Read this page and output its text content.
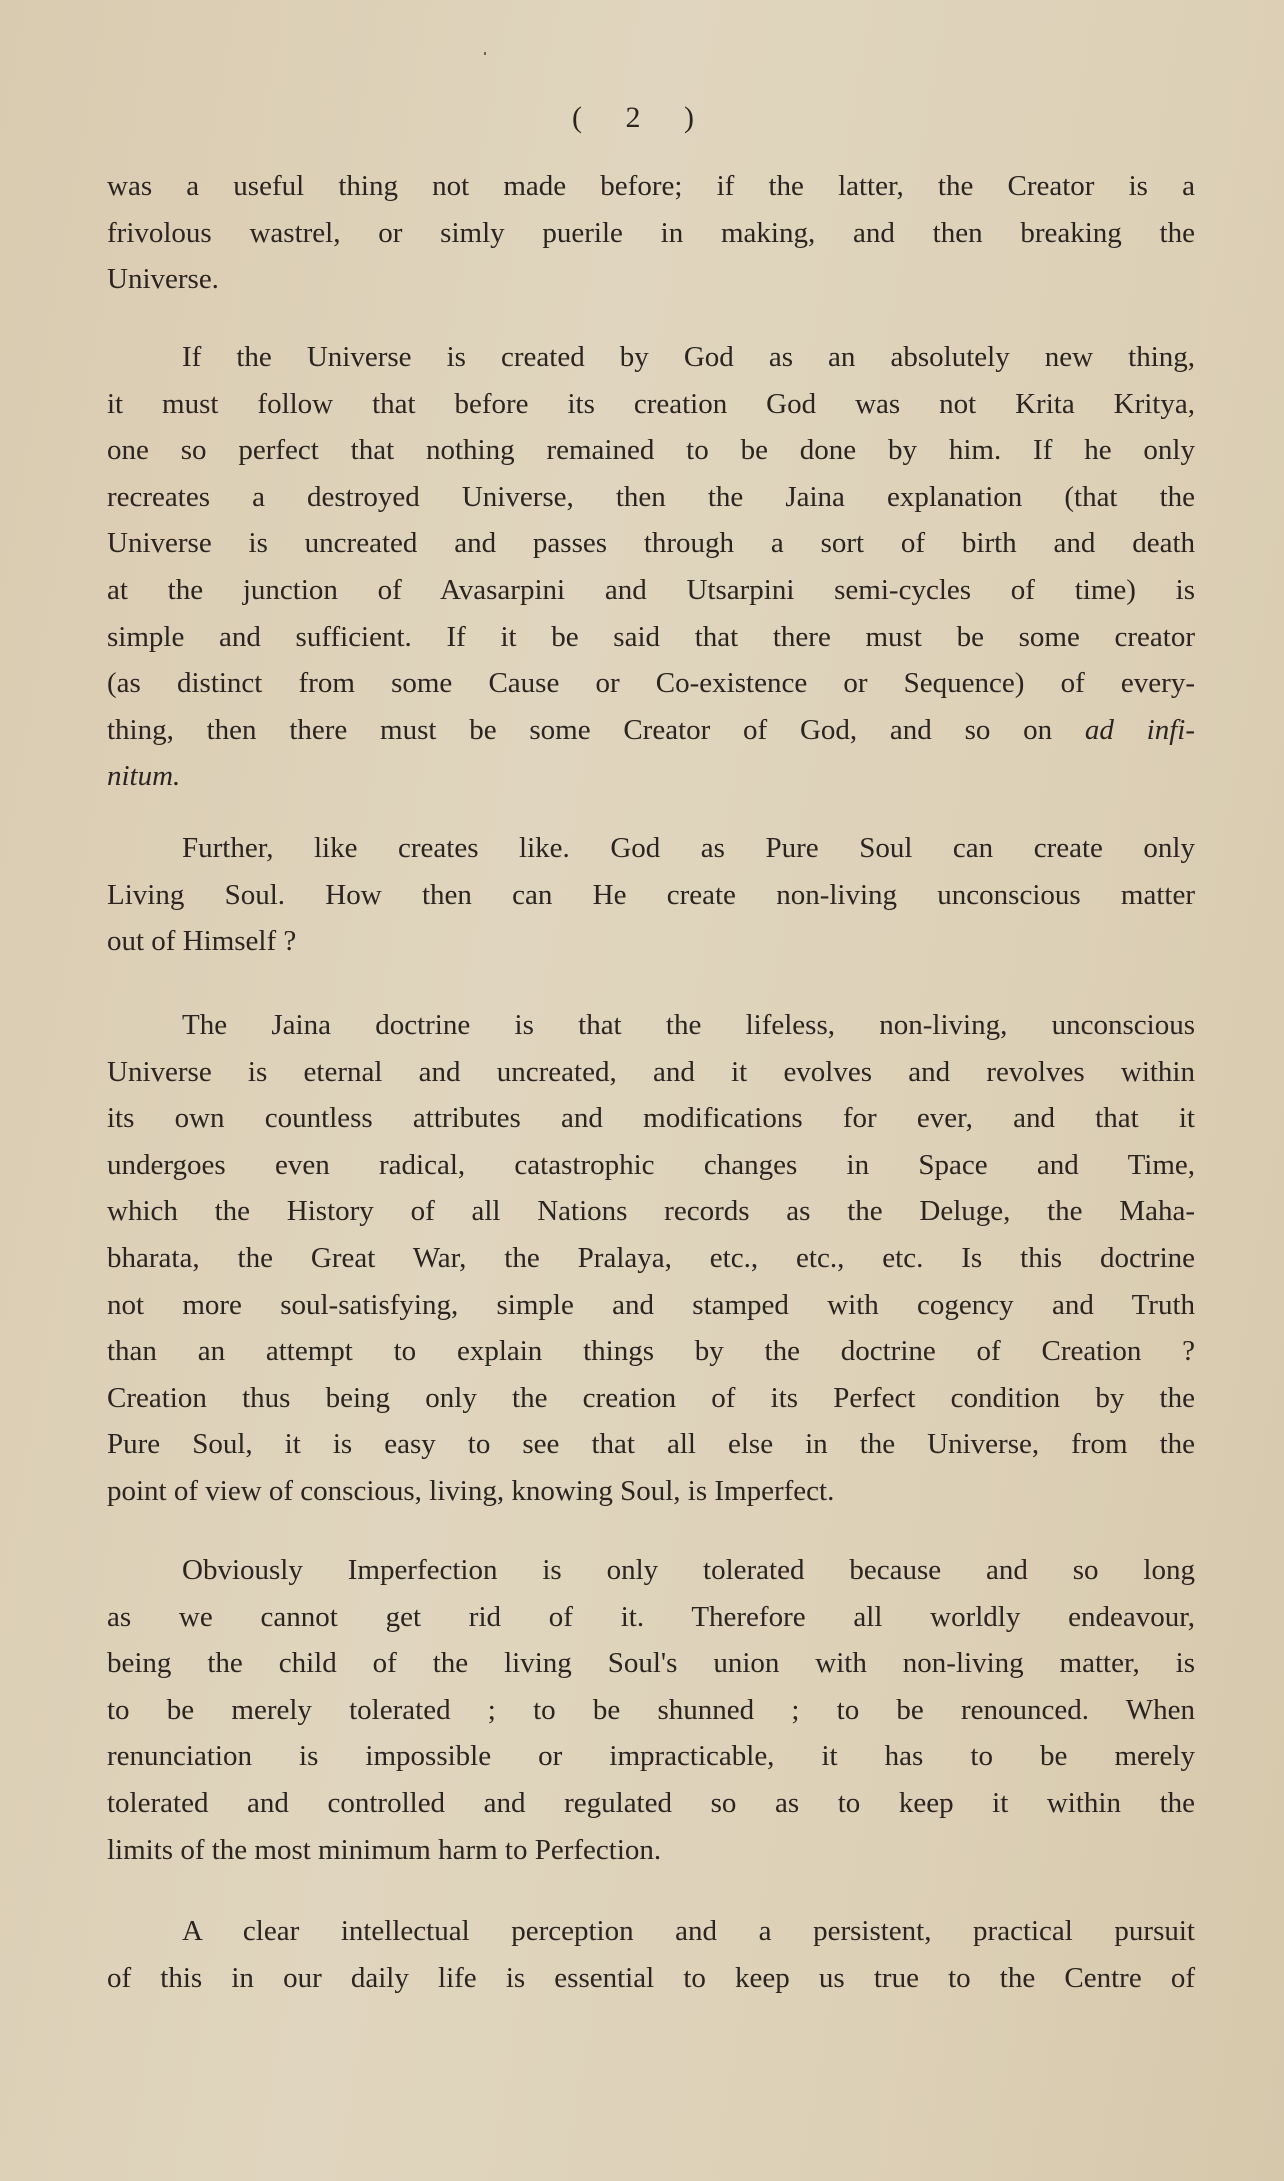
( 2 )
was a useful thing not made before; if the latter, the Creator is a
frivolous wastrel, or simly puerile in making, and then breaking the
Universe.
If the Universe is created by God as an absolutely new thing,
it must follow that before its creation God was not Krita Kritya,
one so perfect that nothing remained to be done by him. If he only
recreates a destroyed Universe, then the Jaina explanation (that the
Universe is uncreated and passes through a sort of birth and death
at the junction of Avasarpini and Utsarpini semi-cycles of time) is
simple and sufficient. If it be said that there must be some creator
(as distinct from some Cause or Co-existence or Sequence) of every-
thing, then there must be some Creator of God, and so on ad infi-
nitum.
Further, like creates like. God as Pure Soul can create only
Living Soul. How then can He create non-living unconscious matter
out of Himself ?
The Jaina doctrine is that the lifeless, non-living, unconscious
Universe is eternal and uncreated, and it evolves and revolves within
its own countless attributes and modifications for ever, and that it
undergoes even radical, catastrophic changes in Space and Time,
which the History of all Nations records as the Deluge, the Maha-
bharata, the Great War, the Pralaya, etc., etc., etc. Is this doctrine
not more soul-satisfying, simple and stamped with cogency and Truth
than an attempt to explain things by the doctrine of Creation ?
Creation thus being only the creation of its Perfect condition by the
Pure Soul, it is easy to see that all else in the Universe, from the
point of view of conscious, living, knowing Soul, is Imperfect.
Obviously Imperfection is only tolerated because and so long
as we cannot get rid of it. Therefore all worldly endeavour,
being the child of the living Soul's union with non-living matter, is
to be merely tolerated ; to be shunned ; to be renounced. When
renunciation is impossible or impracticable, it has to be merely
tolerated and controlled and regulated so as to keep it within the
limits of the most minimum harm to Perfection.
A clear intellectual perception and a persistent, practical pursuit
of this in our daily life is essential to keep us true to the Centre of
